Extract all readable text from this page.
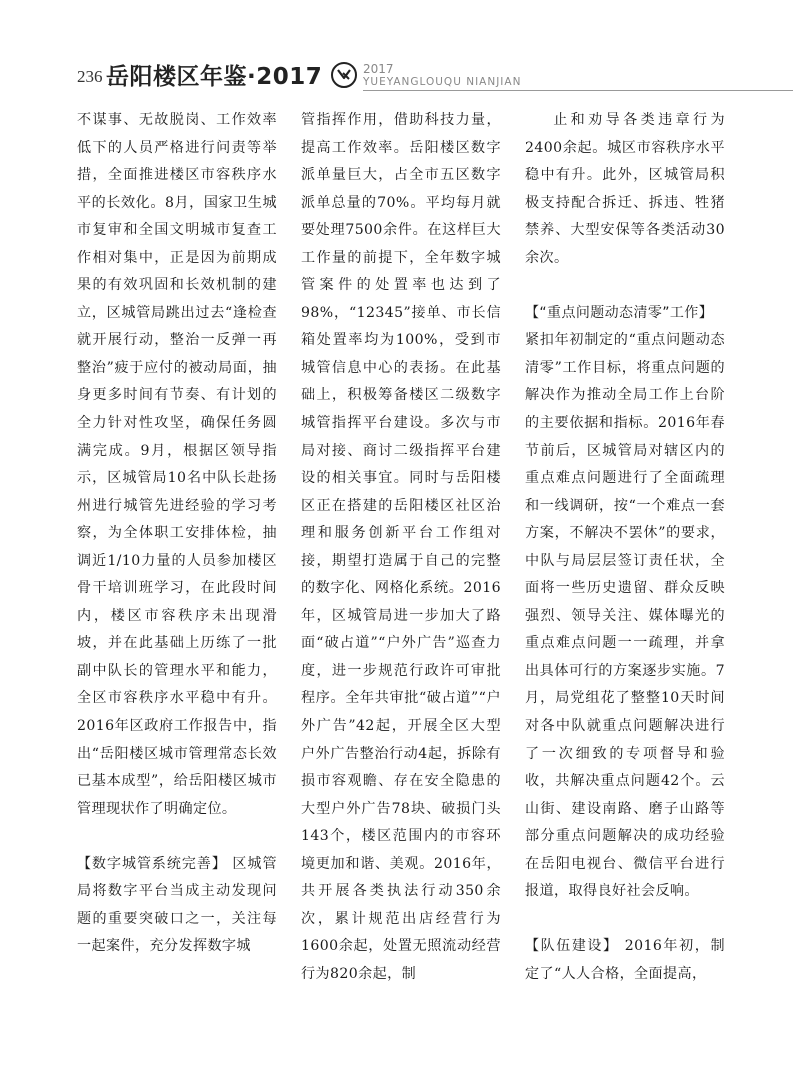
236 岳阳楼区年鉴·2017	2017
YUEYANGLOUQU NIANJIAN

不谋事、无故脱岗、工作效率低下的人员严格进行问责等举措，全面推进楼区市容秩序水平的长效化。8月，国家卫生城市复审和全国文明城市复查工作相对集中，正是因为前期成果的有效巩固和长效机制的建立，区城管局跳出过去“逢检查就开展行动，整治一反弹一再整治”疲于应付的被动局面，抽身更多时间有节奏、有计划的全力针对性攻坚，确保任务圆满完成。9月，根据区领导指示，区城管局10名中队长赴扬州进行城管先进经验的学习考察，为全体职工安排体检，抽调近1/10力量的人员参加楼区骨干培训班学习，在此段时间内，楼区市容秩序未出现滑坡，并在此基础上历练了一批副中队长的管理水平和能力，全区市容秩序水平稳中有升。2016年区政府工作报告中，指出“岳阳楼区城市管理常态长效已基本成型”，给岳阳楼区城市管理现状作了明确定位。

【数字城管系统完善】 区城管局将数字平台当成主动发现问题的重要突破口之一，关注每一起案件，充分发挥数字城

管指挥作用，借助科技力量，提高工作效率。岳阳楼区数字派单量巨大，占全市五区数字派单总量的70%。平均每月就要处理7500余件。在这样巨大工作量的前提下，全年数字城管案件的处置率也达到了98%，“12345”接单、市长信箱处置率均为100%，受到市城管信息中心的表扬。在此基础上，积极筹备楼区二级数字城管指挥平台建设。多次与市局对接、商讨二级指挥平台建设的相关事宜。同时与岳阳楼区正在搭建的岳阳楼区社区治理和服务创新平台工作组对接，期望打造属于自己的完整的数字化、网格化系统。2016年，区城管局进一步加大了路面“破占道”“户外广告”巡查力度，进一步规范行政许可审批程序。全年共审批“破占道”“户外广告”42起，开展全区大型户外广告整治行动4起，拆除有损市容观瞻、存在安全隐患的大型户外广告78块、破损门头143个，楼区范围内的市容环境更加和谐、美观。2016年，共开展各类执法行动350余次，累计规范出店经营行为1600余起，处置无照流动经营行为820余起，制

止和劝导各类违章行为2400余起。城区市容秩序水平稳中有升。此外，区城管局积极支持配合拆迁、拆违、牲猪禁养、大型安保等各类活动30余次。

【“重点问题动态清零”工作】

紧扣年初制定的“重点问题动态清零”工作目标，将重点问题的解决作为推动全局工作上台阶的主要依据和指标。2016年春节前后，区城管局对辖区内的重点难点问题进行了全面疏理和一线调研，按“一个难点一套方案，不解决不罢休”的要求，中队与局层层签订责任状，全面将一些历史遗留、群众反映强烈、领导关注、媒体曝光的重点难点问题一一疏理，并拿出具体可行的方案逐步实施。7月，局党组花了整整10天时间对各中队就重点问题解决进行了一次细致的专项督导和验收，共解决重点问题42个。云山街、建设南路、磨子山路等部分重点问题解决的成功经验在岳阳电视台、微信平台进行报道，取得良好社会反响。

【队伍建设】 2016年初，制定了“人人合格，全面提高，
